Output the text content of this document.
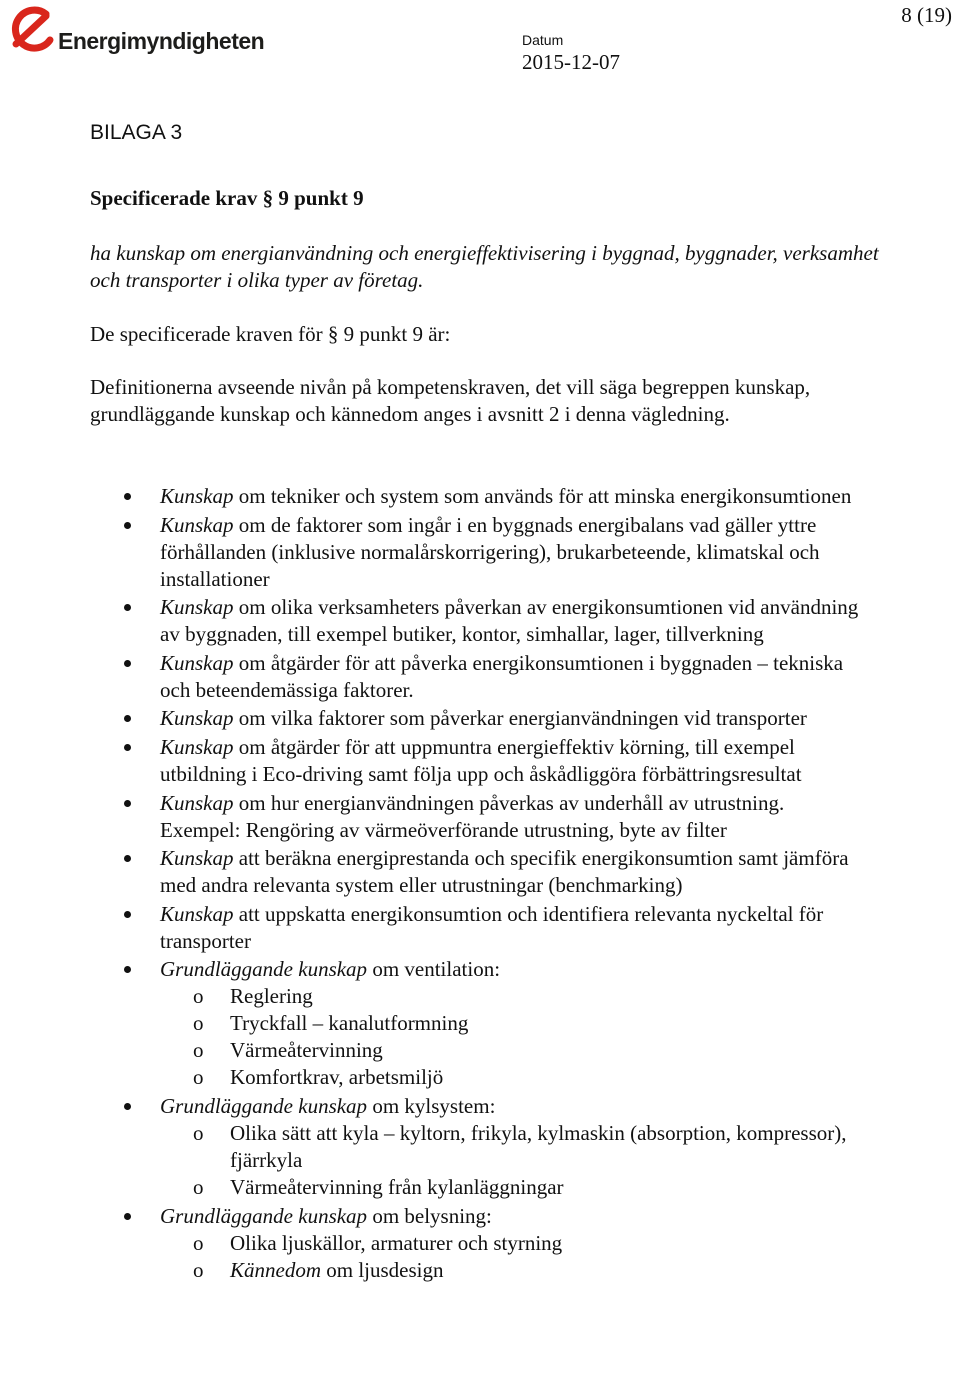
Energimyndigheten
8 (19)
Datum
2015-12-07
BILAGA 3
Specificerade krav § 9 punkt 9

ha kunskap om energianvändning och energieffektivisering i byggnad, byggnader, verksamhet och transporter i olika typer av företag.

De specificerade kraven för § 9 punkt 9 är:

Definitionerna avseende nivån på kompetenskraven, det vill säga begreppen kunskap, grundläggande kunskap och kännedom anges i avsnitt 2 i denna vägledning.

Kunskap om tekniker och system som används för att minska energikonsumtionen
Kunskap om de faktorer som ingår i en byggnads energibalans vad gäller yttre förhållanden (inklusive normalårskorrigering), brukarbeteende, klimatskal och installationer
Kunskap om olika verksamheters påverkan av energikonsumtionen vid användning av byggnaden, till exempel butiker, kontor, simhallar, lager, tillverkning
Kunskap om åtgärder för att påverka energikonsumtionen i byggnaden – tekniska och beteendemässiga faktorer.
Kunskap om vilka faktorer som påverkar energianvändningen vid transporter
Kunskap om åtgärder för att uppmuntra energieffektiv körning, till exempel utbildning i Eco-driving samt följa upp och åskådliggöra förbättringsresultat
Kunskap om hur energianvändningen påverkas av underhåll av utrustning. Exempel: Rengöring av värmeöverförande utrustning, byte av filter
Kunskap att beräkna energiprestanda och specifik energikonsumtion samt jämföra med andra relevanta system eller utrustningar (benchmarking)
Kunskap att uppskatta energikonsumtion och identifiera relevanta nyckeltal för transporter
Grundläggande kunskap om ventilation:
o Reglering
o Tryckfall – kanalutformning
o Värmeåtervinning
o Komfortkrav, arbetsmiljö
Grundläggande kunskap om kylsystem:
o Olika sätt att kyla – kyltorn, frikyla, kylmaskin (absorption, kompressor), fjärrkyla
o Värmeåtervinning från kylanläggningar
Grundläggande kunskap om belysning:
o Olika ljuskällor, armaturer och styrning
o Kännedom om ljusdesign
